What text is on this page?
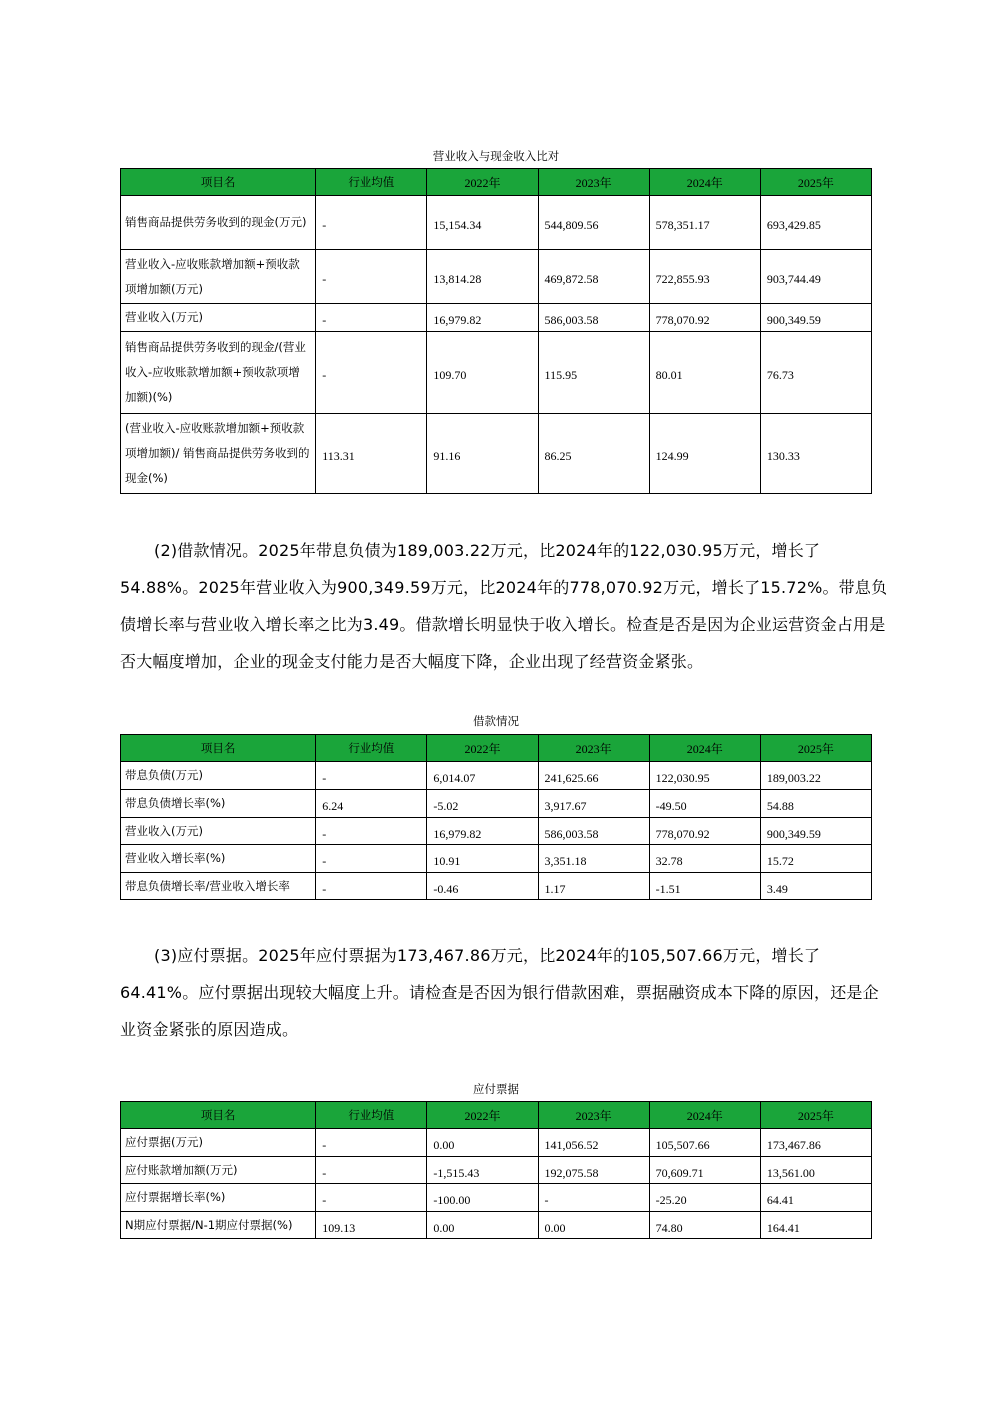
营业收入与现金收入比对
项目名	行业均值	2022年	2023年	2024年	2025年
销售商品提供劳务收到的现金(万元)	-	15,154.34	544,809.56	578,351.17	693,429.85
营业收入-应收账款增加额+预收款项增加额(万元)	-	13,814.28	469,872.58	722,855.93	903,744.49
营业收入(万元)	-	16,979.82	586,003.58	778,070.92	900,349.59
销售商品提供劳务收到的现金/(营业收入-应收账款增加额+预收款项增加额)(%)	-	109.70	115.95	80.01	76.73
(营业收入-应收账款增加额+预收款项增加额)/ 销售商品提供劳务收到的现金(%)	113.31	91.16	86.25	124.99	130.33

(2)借款情况。2025年带息负债为189,003.22万元，比2024年的122,030.95万元，增长了54.88%。2025年营业收入为900,349.59万元，比2024年的778,070.92万元，增长了15.72%。带息负债增长率与营业收入增长率之比为3.49。借款增长明显快于收入增长。检查是否是因为企业运营资金占用是否大幅度增加，企业的现金支付能力是否大幅度下降，企业出现了经营资金紧张。

借款情况
项目名	行业均值	2022年	2023年	2024年	2025年
带息负债(万元)	-	6,014.07	241,625.66	122,030.95	189,003.22
带息负债增长率(%)	6.24	-5.02	3,917.67	-49.50	54.88
营业收入(万元)	-	16,979.82	586,003.58	778,070.92	900,349.59
营业收入增长率(%)	-	10.91	3,351.18	32.78	15.72
带息负债增长率/营业收入增长率	-	-0.46	1.17	-1.51	3.49

(3)应付票据。2025年应付票据为173,467.86万元，比2024年的105,507.66万元，增长了64.41%。应付票据出现较大幅度上升。请检查是否因为银行借款困难，票据融资成本下降的原因，还是企业资金紧张的原因造成。

应付票据
项目名	行业均值	2022年	2023年	2024年	2025年
应付票据(万元)	-	0.00	141,056.52	105,507.66	173,467.86
应付账款增加额(万元)	-	-1,515.43	192,075.58	70,609.71	13,561.00
应付票据增长率(%)	-	-100.00	-	-25.20	64.41
N期应付票据/N-1期应付票据(%)	109.13	0.00	0.00	74.80	164.41
